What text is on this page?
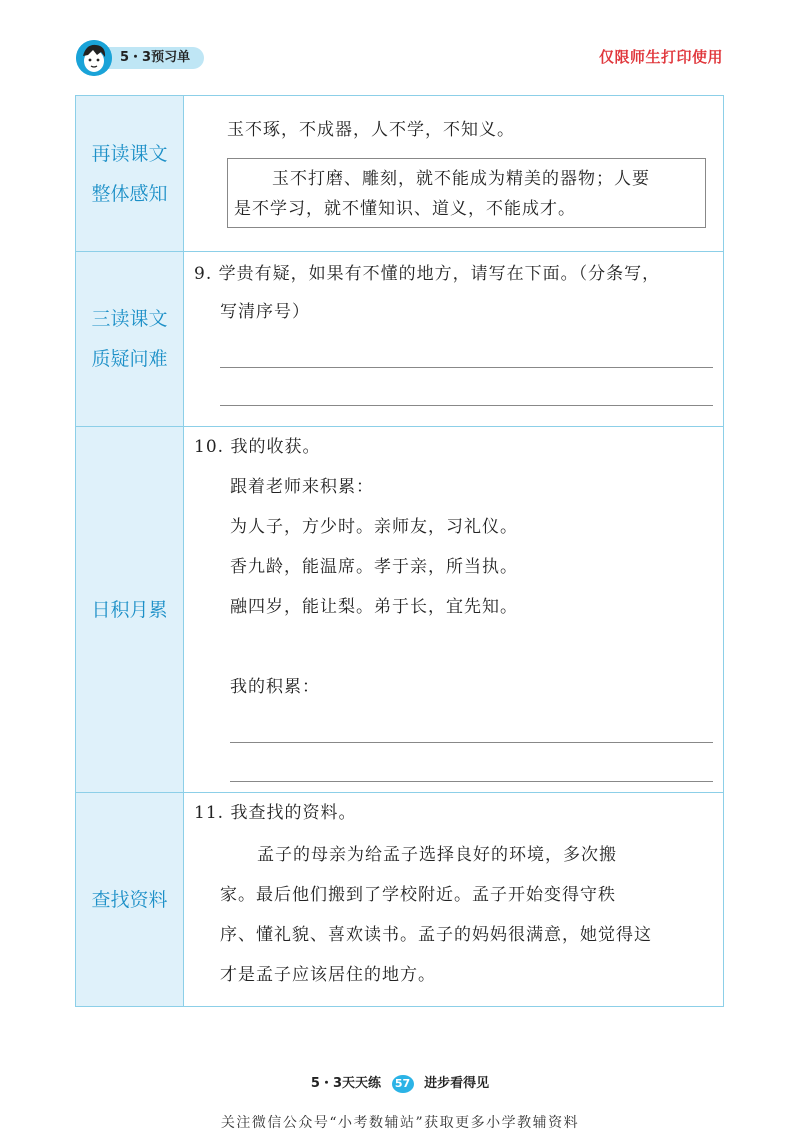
5・3预习单	仅限师生打印使用
再读课文
整体感知
玉不琢，不成器，人不学，不知义。
玉不打磨、雕刻，就不能成为精美的器物；人要
是不学习，就不懂知识、道义，不能成才。
三读课文
质疑问难
9. 学贵有疑，如果有不懂的地方，请写在下面。（分条写，
写清序号）
日积月累
10. 我的收获。
跟着老师来积累：
为人子，方少时。亲师友，习礼仪。
香九龄，能温席。孝于亲，所当执。
融四岁，能让梨。弟于长，宜先知。
我的积累：
查找资料
11. 我查找的资料。
孟子的母亲为给孟子选择良好的环境，多次搬
家。最后他们搬到了学校附近。孟子开始变得守秩
序、懂礼貌、喜欢读书。孟子的妈妈很满意，她觉得这
才是孟子应该居住的地方。
5・3天天练 57 进步看得见
关注微信公众号“小考数辅站”获取更多小学教辅资料
